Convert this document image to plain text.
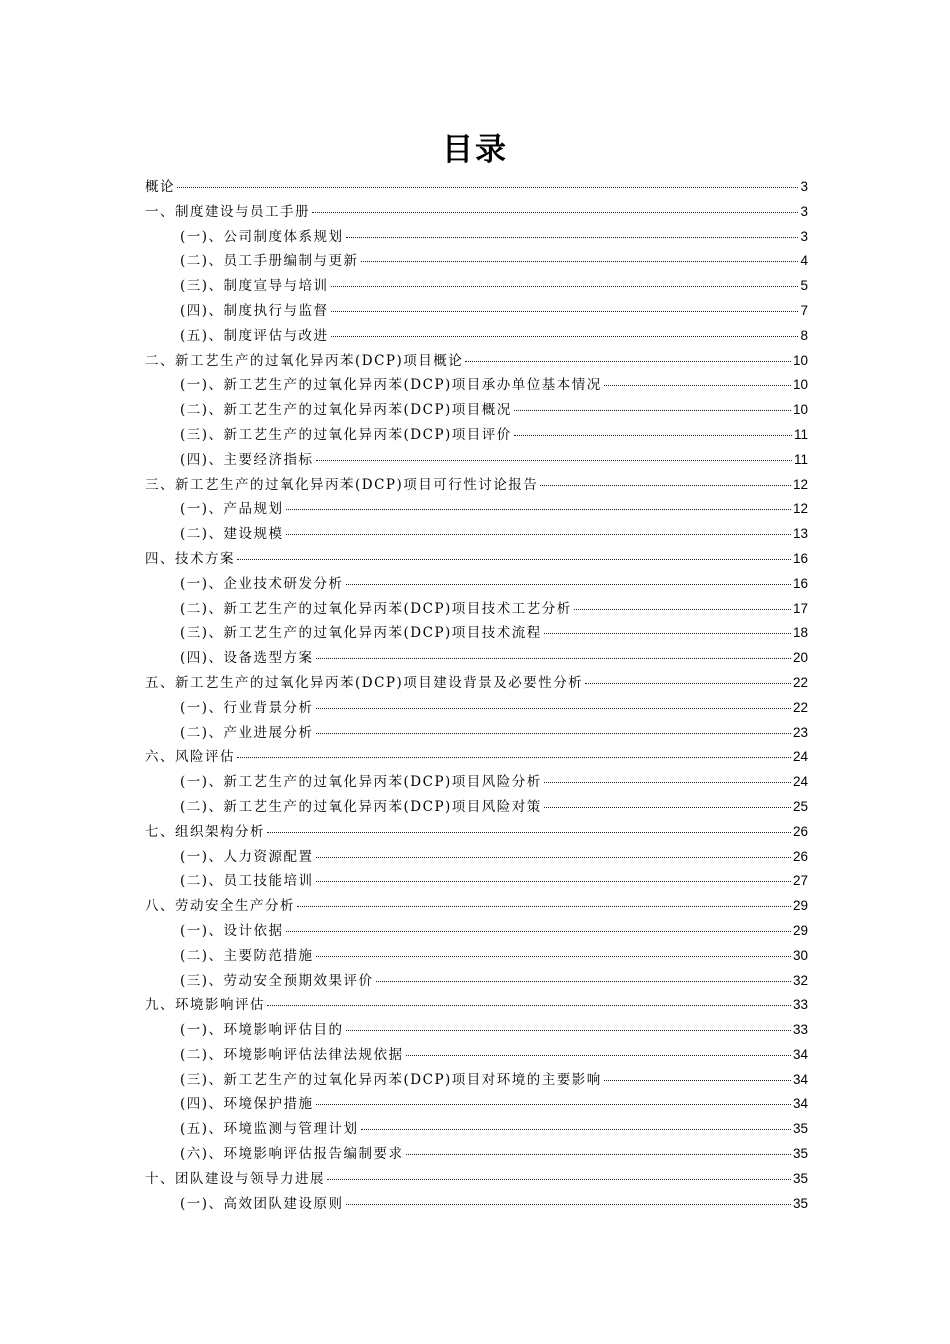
目录
概论	3
一、制度建设与员工手册	3
(一)、公司制度体系规划	3
(二)、员工手册编制与更新	4
(三)、制度宣导与培训	5
(四)、制度执行与监督	7
(五)、制度评估与改进	8
二、新工艺生产的过氧化异丙苯(DCP)项目概论	10
(一)、新工艺生产的过氧化异丙苯(DCP)项目承办单位基本情况	10
(二)、新工艺生产的过氧化异丙苯(DCP)项目概况	10
(三)、新工艺生产的过氧化异丙苯(DCP)项目评价	11
(四)、主要经济指标	11
三、新工艺生产的过氧化异丙苯(DCP)项目可行性讨论报告	12
(一)、产品规划	12
(二)、建设规模	13
四、技术方案	16
(一)、企业技术研发分析	16
(二)、新工艺生产的过氧化异丙苯(DCP)项目技术工艺分析	17
(三)、新工艺生产的过氧化异丙苯(DCP)项目技术流程	18
(四)、设备选型方案	20
五、新工艺生产的过氧化异丙苯(DCP)项目建设背景及必要性分析	22
(一)、行业背景分析	22
(二)、产业进展分析	23
六、风险评估	24
(一)、新工艺生产的过氧化异丙苯(DCP)项目风险分析	24
(二)、新工艺生产的过氧化异丙苯(DCP)项目风险对策	25
七、组织架构分析	26
(一)、人力资源配置	26
(二)、员工技能培训	27
八、劳动安全生产分析	29
(一)、设计依据	29
(二)、主要防范措施	30
(三)、劳动安全预期效果评价	32
九、环境影响评估	33
(一)、环境影响评估目的	33
(二)、环境影响评估法律法规依据	34
(三)、新工艺生产的过氧化异丙苯(DCP)项目对环境的主要影响	34
(四)、环境保护措施	34
(五)、环境监测与管理计划	35
(六)、环境影响评估报告编制要求	35
十、团队建设与领导力进展	35
(一)、高效团队建设原则	35
